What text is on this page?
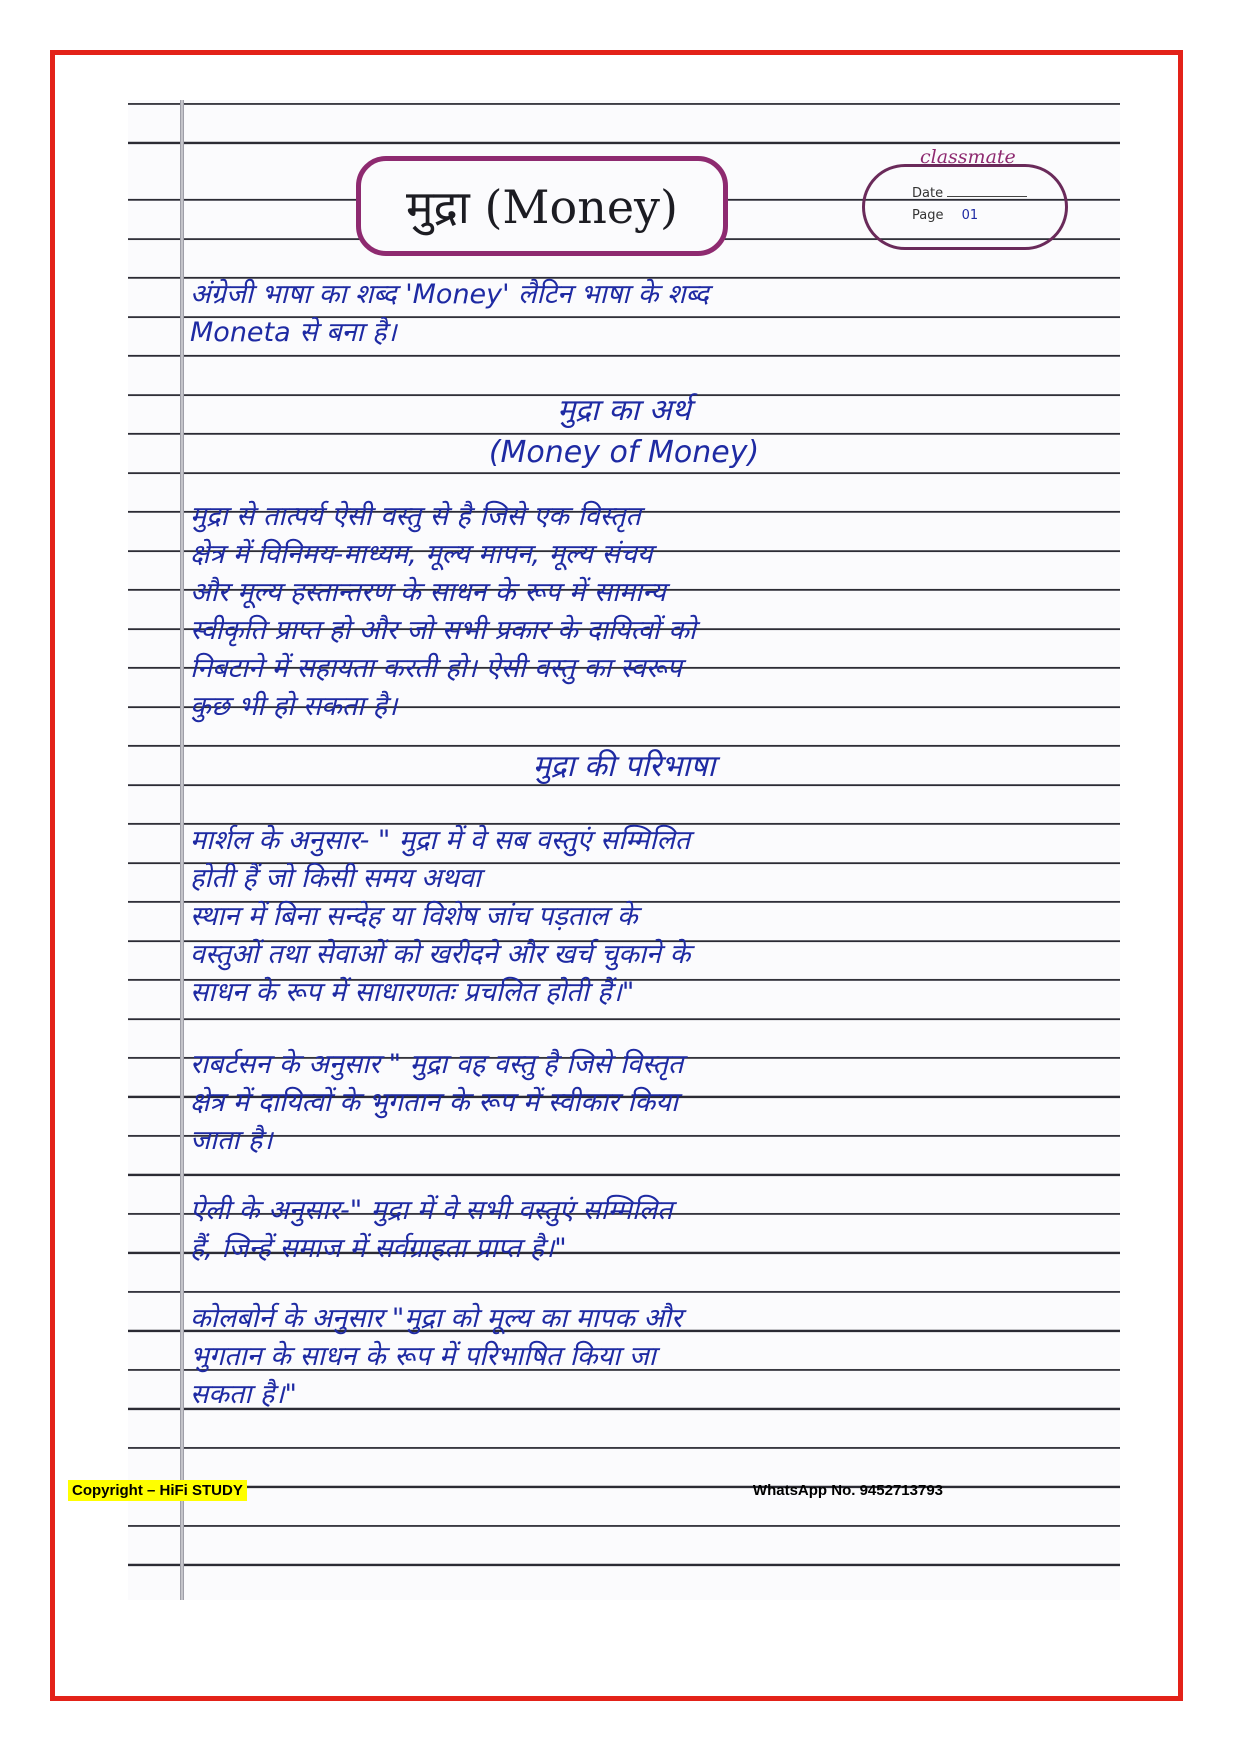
मुद्रा (Money)
classmate
Date
Page 01
अंग्रेजी भाषा का शब्द 'Money' लैटिन भाषा के शब्द
Moneta से बना है।
मुद्रा का अर्थ
(Money of Money)
मुद्रा से तात्पर्य ऐसी वस्तु से है जिसे एक विस्तृत
क्षेत्र में विनिमय-माध्यम, मूल्य मापन, मूल्य संचय
और मूल्य हस्तान्तरण के साधन के रूप में सामान्य
स्वीकृति प्राप्त हो और जो सभी प्रकार के दायित्वों को
निबटाने में सहायता करती हो। ऐसी वस्तु का स्वरूप
कुछ भी हो सकता है।
मुद्रा की परिभाषा
मार्शल के अनुसार- " मुद्रा में वे सब वस्तुएं सम्मिलित
होती हैं जो किसी समय अथवा
स्थान में बिना सन्देह या विशेष जांच पड़ताल के
वस्तुओं तथा सेवाओं को खरीदने और खर्च चुकाने के
साधन के रूप में साधारणतः प्रचलित होती हैं।"
राबर्टसन के अनुसार " मुद्रा वह वस्तु है जिसे विस्तृत
क्षेत्र में दायित्वों के भुगतान के रूप में स्वीकार किया
जाता है।
ऐली के अनुसार-" मुद्रा में वे सभी वस्तुएं सम्मिलित
हैं, जिन्हें समाज में सर्वग्राहता प्राप्त है।"
कोलबोर्न के अनुसार "मुद्रा को मूल्य का मापक और
भुगतान के साधन के रूप में परिभाषित किया जा
सकता है।"
Copyright – HiFi STUDY	WhatsApp No. 9452713793
